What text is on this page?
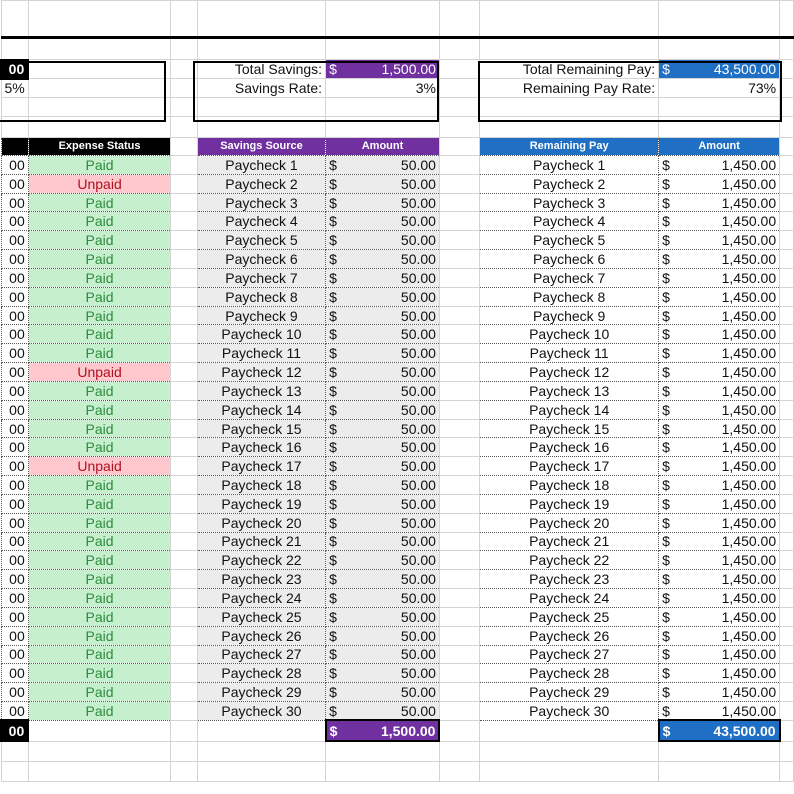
00			Total Savings:	$ 1,500.00		Total Remaining Pay:	$ 43,500.00	

5%			Savings Rate:	3%		Remaining Pay Rate:	73%	

	Expense Status		Savings Source	Amount		Remaining Pay	Amount	
00	Paid		Paycheck 1	$ 50.00		Paycheck 1	$ 1,450.00	

00	Unpaid		Paycheck 2	$ 50.00		Paycheck 2	$ 1,450.00	

00	Paid		Paycheck 3	$ 50.00		Paycheck 3	$ 1,450.00	

00	Paid		Paycheck 4	$ 50.00		Paycheck 4	$ 1,450.00	

00	Paid		Paycheck 5	$ 50.00		Paycheck 5	$ 1,450.00	

00	Paid		Paycheck 6	$ 50.00		Paycheck 6	$ 1,450.00	

00	Paid		Paycheck 7	$ 50.00		Paycheck 7	$ 1,450.00	

00	Paid		Paycheck 8	$ 50.00		Paycheck 8	$ 1,450.00	

00	Paid		Paycheck 9	$ 50.00		Paycheck 9	$ 1,450.00	

00	Paid		Paycheck 10	$ 50.00		Paycheck 10	$ 1,450.00	

00	Paid		Paycheck 11	$ 50.00		Paycheck 11	$ 1,450.00	

00	Unpaid		Paycheck 12	$ 50.00		Paycheck 12	$ 1,450.00	

00	Paid		Paycheck 13	$ 50.00		Paycheck 13	$ 1,450.00	

00	Paid		Paycheck 14	$ 50.00		Paycheck 14	$ 1,450.00	

00	Paid		Paycheck 15	$ 50.00		Paycheck 15	$ 1,450.00	

00	Paid		Paycheck 16	$ 50.00		Paycheck 16	$ 1,450.00	

00	Unpaid		Paycheck 17	$ 50.00		Paycheck 17	$ 1,450.00	

00	Paid		Paycheck 18	$ 50.00		Paycheck 18	$ 1,450.00	

00	Paid		Paycheck 19	$ 50.00		Paycheck 19	$ 1,450.00	

00	Paid		Paycheck 20	$ 50.00		Paycheck 20	$ 1,450.00	

00	Paid		Paycheck 21	$ 50.00		Paycheck 21	$ 1,450.00	

00	Paid		Paycheck 22	$ 50.00		Paycheck 22	$ 1,450.00	

00	Paid		Paycheck 23	$ 50.00		Paycheck 23	$ 1,450.00	

00	Paid		Paycheck 24	$ 50.00		Paycheck 24	$ 1,450.00	

00	Paid		Paycheck 25	$ 50.00		Paycheck 25	$ 1,450.00	

00	Paid		Paycheck 26	$ 50.00		Paycheck 26	$ 1,450.00	

00	Paid		Paycheck 27	$ 50.00		Paycheck 27	$ 1,450.00	

00	Paid		Paycheck 28	$ 50.00		Paycheck 28	$ 1,450.00	

00	Paid		Paycheck 29	$ 50.00		Paycheck 29	$ 1,450.00	

00	Paid		Paycheck 30	$ 50.00		Paycheck 30	$ 1,450.00	

00				$ 1,500.00			$ 43,500.00	
